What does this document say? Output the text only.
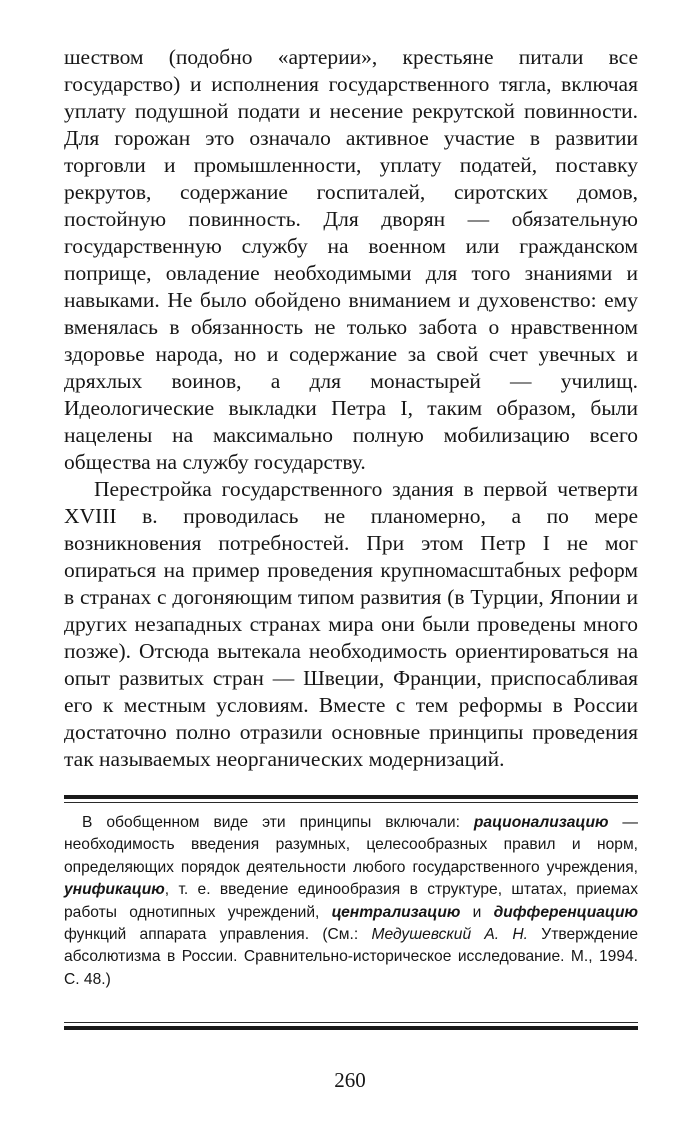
шеством (подобно «артерии», крестьяне питали все государство) и исполнения государственного тягла, включая уплату подушной подати и несение рекрутской повинности. Для горожан это означало активное участие в развитии торговли и промышленности, уплату податей, поставку рекрутов, содержание госпиталей, сиротских домов, постойную повинность. Для дворян — обязательную государственную службу на военном или гражданском поприще, овладение необходимыми для того знаниями и навыками. Не было обойдено вниманием и духовенство: ему вменялась в обязанность не только забота о нравственном здоровье народа, но и содержание за свой счет увечных и дряхлых воинов, а для монастырей — училищ. Идеологические выкладки Петра I, таким образом, были нацелены на максимально полную мобилизацию всего общества на службу государству.

Перестройка государственного здания в первой четверти XVIII в. проводилась не планомерно, а по мере возникновения потребностей. При этом Петр I не мог опираться на пример проведения крупномасштабных реформ в странах с догоняющим типом развития (в Турции, Японии и других незападных странах мира они были проведены много позже). Отсюда вытекала необходимость ориентироваться на опыт развитых стран — Швеции, Франции, приспосабливая его к местным условиям. Вместе с тем реформы в России достаточно полно отразили основные принципы проведения так называемых неорганических модернизаций.

В обобщенном виде эти принципы включали: рационализацию — необходимость введения разумных, целесообразных правил и норм, определяющих порядок деятельности любого государственного учреждения, унификацию, т. е. введение единообразия в структуре, штатах, приемах работы однотипных учреждений, централизацию и дифференциацию функций аппарата управления. (См.: Медушевский А. Н. Утверждение абсолютизма в России. Сравнительно-историческое исследование. М., 1994. С. 48.)

260
